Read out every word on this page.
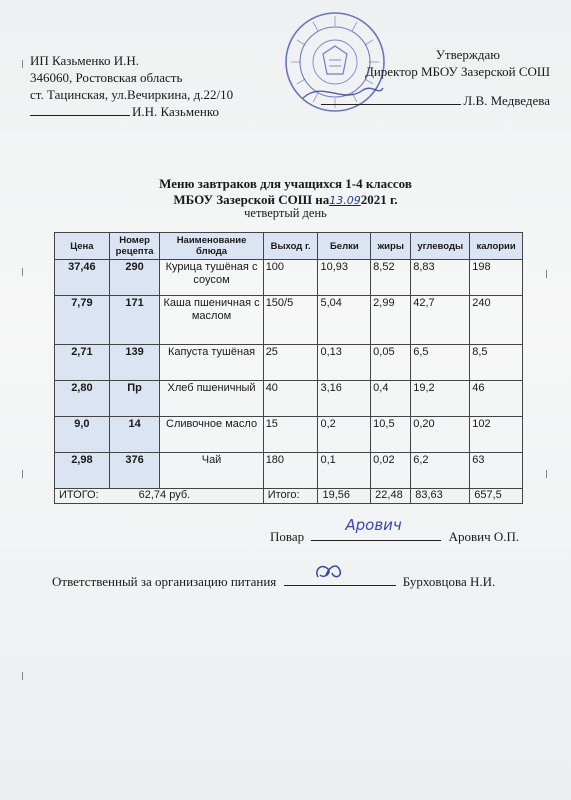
ИП Казьменко И.Н.
346060, Ростовская область
ст. Тацинская, ул.Вечиркина, д.22/10
И.Н. Казьменко
Утверждаю
Директор МБОУ Зазерской СОШ
Л.В. Медведева
Меню завтраков для учащихся 1-4 классов
МБОУ Зазерской СОШ на13.092021 г.
четвертый день
Цена	Номер рецепта	Наименование блюда	Выход г.	Белки	жиры	углеводы	калории
37,46	290	Курица тушёная с соусом	100	10,93	8,52	8,83	198
7,79	171	Каша пшеничная с маслом	150/5	5,04	2,99	42,7	240
2,71	139	Капуста тушёная	25	0,13	0,05	6,5	8,5
2,80	Пр	Хлеб пшеничный	40	3,16	0,4	19,2	46
9,0	14	Сливочное масло	15	0,2	10,5	0,20	102
2,98	376	Чай	180	0,1	0,02	6,2	63
ИТОГО: 62,74 руб.			Итого:	19,56	22,48	83,63	657,5
Повар
Арович
Арович О.П.
Ответственный за организацию питания	Бурховцова Н.И.
